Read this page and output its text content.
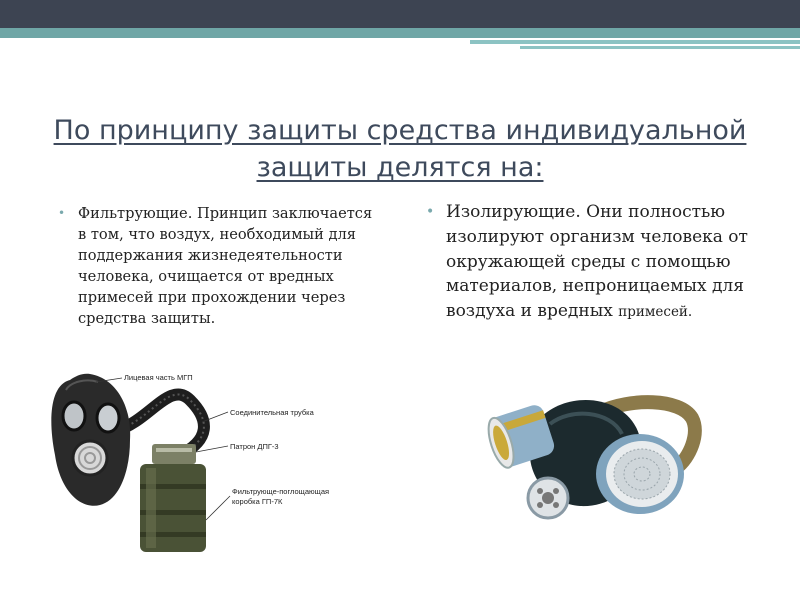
По принципу защиты средства индивидуальной защиты делятся на:
• Фильтрующие. Принцип заключается в том, что воздух, необходимый для поддержания жизнедеятельности человека, очищается от вредных примесей при прохождении через средства защиты.
• Изолирующие. Они полностью изолируют организм человека от окружающей среды с помощью материалов, непроницаемых для воздуха и вредных примесей.
Лицевая часть МГП
Соединительная трубка
Патрон ДПГ-3
Фильтрующе-поглощающая
коробка ГП-7К
